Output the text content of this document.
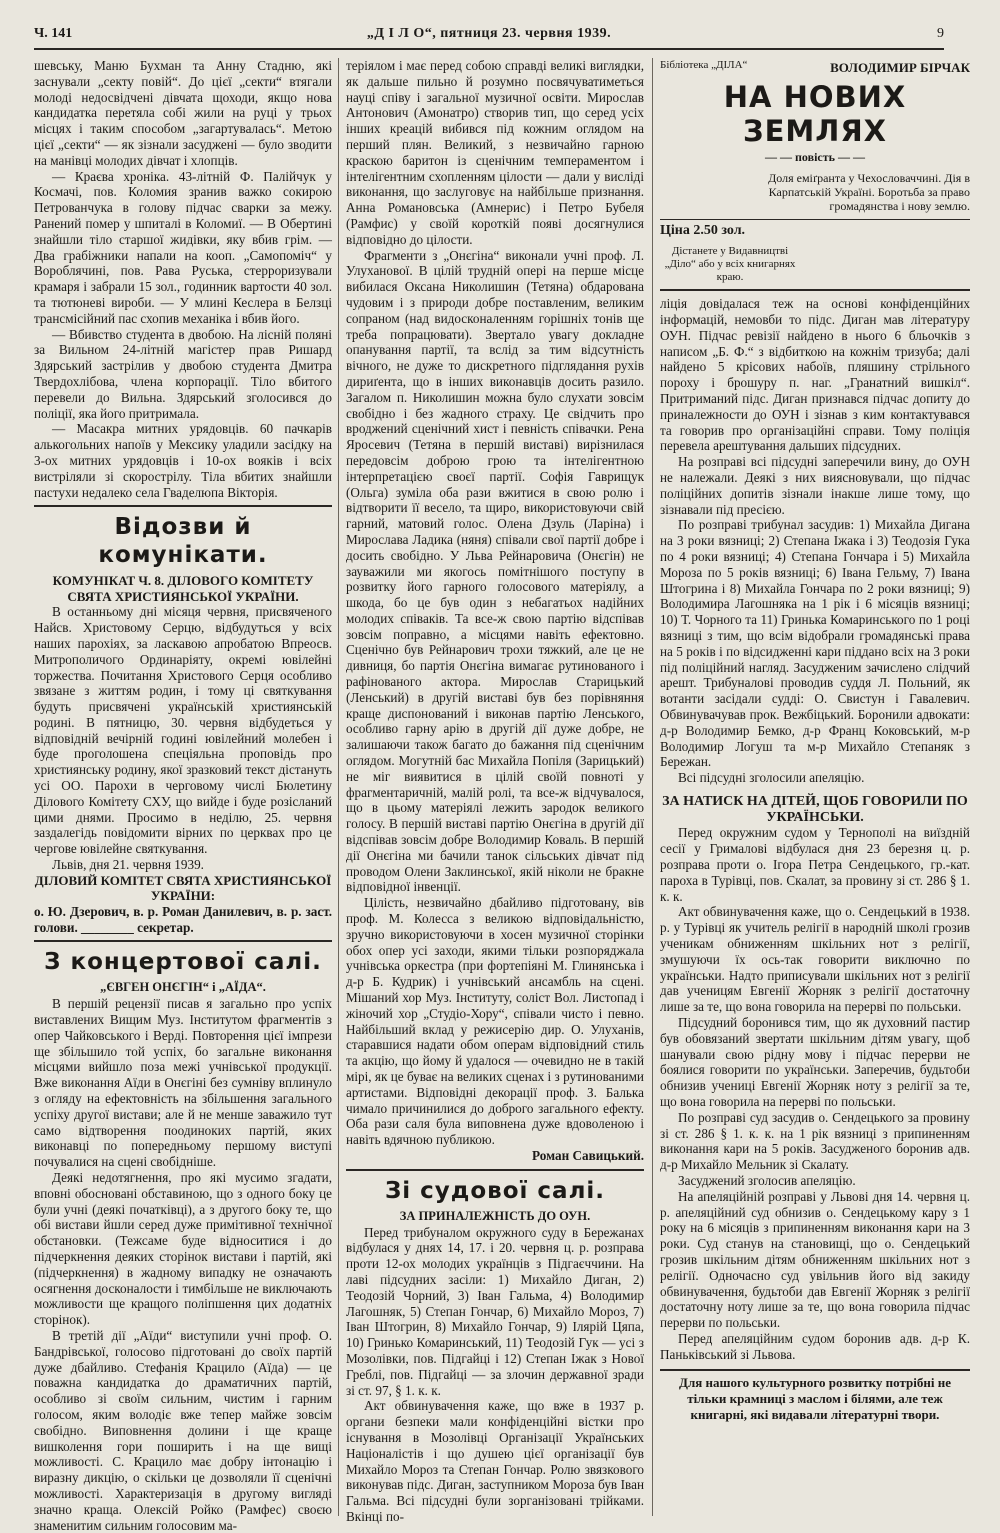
„Д І Л О“, пятниця 23. червня 1939.
Ч. 141	9

шевську, Маню Бухман та Анну Стадню, які заснували „секту повій“. До цієї „секти“ втягали молоді недосвідчені дівчата щоходи, якщо нова кандидатка перетяла собі жили на руці у трьох місцях і таким способом „загартувалась“. Метою цієї „секти“ — як зізнали засуджені — було зводити на манівці молодих дівчат і хлопців.

— Краєва хроніка. 43-літній Ф. Палійчук у Космачі, пов. Коломия зранив важко сокирою Петрованчука в голову підчас сварки за межу. Ранений помер у шпиталі в Коломиї. — В Обертині знайшли тіло старшої жидівки, яку вбив грім. — Два грабіжники напали на кооп. „Самопоміч“ у Вороблячині, пов. Рава Руська, стерроризували крамаря і забрали 15 зол., годинник вартости 40 зол. та тютюневі вироби. — У млині Кеслера в Белзці трансмісійний пас схопив механіка і вбив його.

— Вбивство студента в двобою. На лісній поляні за Вильном 24-літній магістер прав Ришард Здярський застрілив у двобою студента Дмитра Твердохлібова, члена корпорації. Тіло вбитого перевели до Вильна. Здярський зголосився до поліції, яка його притримала.

— Масакра митних урядовців. 60 пачкарів алькогольних напоїв у Мексику уладили засідку на 3-ох митних урядовців і 10-ох вояків і всіх вистріляли зі скорострілу. Тіла вбитих знайшли пастухи недалеко села Гваделюпа Вікторія.

Відозви й комунікати.

КОМУНІКАТ Ч. 8. ДІЛОВОГО КОМІТЕТУ СВЯТА ХРИСТИЯНСЬКОЇ УКРАЇНИ.

В останньому дні місяця червня, присвяченого Найсв. Христовому Серцю, відбудуться у всіх наших парохіях, за ласкавою апробатою Впреосв. Митрополичого Ординаріяту, окремі ювілейні торжества. Почитання Христового Серця особливо звязане з життям родин, і тому ці святкування будуть присвячені українській християнській родині. В пятницю, 30. червня відбудеться у відповідній вечірній годині ювілейний молебен і буде проголошена спеціяльна проповідь про християнську родину, якої зразковий текст дістануть усі ОО. Пароxи в черговому числі Бюлетину Ділового Комітету СХУ, що вийде і буде розісланий цими днями. Просимо в неділю, 25. червня заздалегідь повідомити вірних по церквах про це чергове ювілейне святкування.

Львів, дня 21. червня 1939.

ДІЛОВИЙ КОМІТЕТ СВЯТА ХРИСТИЯНСЬКОЇ УКРАЇНИ:

о. Ю. Дзерович, в. р. Роман Данилевич, в. р. заст. голови. ________ секретар.

З концертової салі.

„ЄВГЕН ОНЄГІН“ і „АЇДА“.

В першій рецензії писав я загально про успіх виставлених Вищим Муз. Інститутом фрагментів з опер Чайковського і Верді. Повторення цієї імпрези ще збільшило той успіх, бо загальне виконання місцями вийшло поза межі учнівської продукції. Вже виконання Аїди в Онєгіні без сумніву вплинуло з огляду на ефектовність на збільшення загального успіху другої вистави; але й не менше заважило тут само відтворення поодиноких партій, яких виконавці по попередньому першому виступі почувалися на сцені свобідніше.

Деякі недотягнення, про які мусимо згадати, вповні обосновані обставиною, що з одного боку це були учні (деякі початківці), а з другого боку те, що обі вистави йшли серед дуже примітивної технічної обстановки. (Тежсаме буде відноситися і до підчеркнення деяких сторінок вистави і партій, які (підчеркнення) в жадному випадку не означають осягнення досконалости і тимбільше не виключають можливости ще кращого поліпшення цих додатніх сторінок).

В третій дії „Аїди“ виступили учні проф. О. Бандрівської, голосово підготовані до своїх партій дуже дбайливо. Стефанія Крацило (Аїда) — це поважна кандидатка до драматичних партій, особливо зі своїм сильним, чистим і гарним голосом, яким володіє вже тепер майже зовсім свобідно. Виповнення долини і ще краще вишколення гори поширить і на ще вищі можливості. С. Крацило має добру інтонацію і виразну дикцію, о скільки це дозволяли її сценічні можливості. Характеризація в другому вигляді значно краща. Олексій Ройко (Рамфес) своєю знаменитим сильним голосовим ма-

теріялом і має перед собою справді великі виглядки, як дальше пильно й розумно посвячуватиметься науці співу і загальної музичної освіти. Мирослав Антонович (Амонатро) створив тип, що серед усіх інших креацій вибився під кожним оглядом на перший плян. Великий, з незвичайно гарною краскою баритон із сценічним темпераментом і інтелігентним схопленням цілости — дали у висліді виконання, що заслуговує на найбільше признання. Анна Романовська (Амнерис) і Петро Бубеля (Рамфис) у своїй короткій появі досягнулися відповідно до цілости.

Фрагменти з „Онєгіна“ виконали учні проф. Л. Улуханової. В цілій трудній опері на перше місце вибилася Оксана Николишин (Тетяна) обдарована чудовим і з природи добре поставленим, великим сопраном (над видосконаленням горішніх тонів ще треба попрацювати). Звертало увагу докладне опанування партії, та вслід за тим відсутність вічного, не дуже то дискретного підглядання рухів дириґента, що в інших виконавців досить разило. Загалом п. Николишин можна було слухати зовсім свобідно і без жадного страху. Це свідчить про вроджений сценічний хист і певність співачки. Рена Яросевич (Тетяна в першій виставі) вирізнилася передовсім доброю грою та інтелігентною інтерпретацією своєї партії. Софія Гаврищук (Ольга) зуміла оба рази вжитися в свою ролю і відтворити її весело, та щиро, використовуючи свій гарний, матовий голос. Олена Дзуль (Ларіна) і Мирослава Ладика (няня) співали свої партії добре і досить свобідно. У Льва Рейнаровича (Онєгін) не зауважили ми якогось помітнішого поступу в розвитку його гарного голосового матеріялу, а шкода, бо це був один з небагатьох надійних молодих співаків. Та все-ж свою партію відспівав зовсім поправно, а місцями навіть ефектовно. Сценічно був Рейнарович трохи тяжкий, але це не дивниця, бо партія Онєгіна вимагає рутинованого і рафінованого актора. Мирослав Старицький (Ленський) в другій виставі був без порівняння краще диспонований і виконав партію Ленського, особливо гарну арію в другій дії дуже добре, не залишаючи також багато до бажання під сценічним оглядом. Могутній бас Михайла Попіля (Зарицький) не міг виявитися в цілій своїй повноті у фрагментаричній, малій ролі, та все-ж відчувалося, що в цьому матеріялі лежить зародок великого голосу. В першій виставі партію Онєгіна в другій дії відспівав зовсім добре Володимир Коваль. В першій дії Онєгіна ми бачили танок сільських дівчат під проводом Олени Заклинської, якій ніколи не бракне відповідної інвенції.

Цілість, незвичайно дбайливо підготовану, вів проф. М. Колесса з великою відповідальністю, зручно використовуючи в хосен музичної сторінки обох опер усі заходи, якими тільки розпоряджала учнівська оркестра (при фортепіяні М. Глинянська і д-р Б. Кудрик) і учнівський ансамбль на сцені. Мішаний хор Муз. Інституту, соліст Вол. Листопад і жіночий хор „Студіо-Хору“, співали чисто і певно. Найбільший вклад у режисерію дир. О. Улуханів, старавшися надати обом операм відповідний стиль та акцію, що йому й удалося — очевидно не в такій мірі, як це буває на великих сценах і з рутинованими артистами. Відповідні декорації проф. З. Балька чимало причинилися до доброго загального ефекту. Оба рази саля була виповнена дуже вдоволеною і навіть вдячною публикою.

Роман Савицький.

Зі судової салі.

ЗА ПРИНАЛЕЖНІСТЬ ДО ОУН.

Перед трибуналом окружного суду в Бережанах відбулася у днях 14, 17. і 20. червня ц. р. розправа проти 12-ох молодих українців з Підгаєччини. На лаві підсудних засіли: 1) Михайло Диган, 2) Теодозій Чорний, 3) Іван Гальма, 4) Володимир Лагошняк, 5) Степан Гончар, 6) Михайло Мороз, 7) Іван Штогрин, 8) Михайло Гончар, 9) Ілярій Цяпа, 10) Гринько Комаринський, 11) Теодозій Гук — усі з Мозолівки, пов. Підгайці і 12) Степан Іжак з Нової Греблі, пов. Підгайці — за злочин державної зради зі ст. 97, § 1. к. к.

Акт обвинувачення каже, що вже в 1937 р. органи безпеки мали конфіденційні вістки про існування в Мозолівці Організації Українських Націоналістів і що душею цієї організації був Михайло Мороз та Степан Гончар. Ролю звязкового виконував підс. Диган, заступником Мороза був Іван Гальма. Всі підсудні були зорганізовані трійками. Вкінці по-

Бібліотека „ДІЛА“	ВОЛОДИМИР БІРЧАК

НА НОВИХ ЗЕМЛЯХ

— — повість — —

Доля еміґранта у Чехословаччині. Дія в Карпатській Україні. Боротьба за право громадянства і нову землю.

Ціна 2.50 зол.

Дістанете у Видавництві „Діло“ або у всіх книгарнях краю.

ліція довідалася теж на основі конфіденційних інформацій, немовби то підс. Диган мав літературу ОУН. Підчас ревізії найдено в нього 6 бльочків з написом „Б. Ф.“ з відбиткою на кожнім тризуба; далі найдено 5 крісових набоїв, пляшину стрільного пороху і брошуру п. наг. „Гранатний вишкіл“. Притриманий підс. Диган признався підчас допиту до приналежности до ОУН і зізнав з ким контактувався та говорив про організаційні справи. Тому поліція перевела арештування дальших підсудних.

На розправі всі підсудні заперечили вину, до ОУН не належали. Деякі з них виясновували, що підчас поліційних допитів зізнали інакше лише тому, що зізнавали під пресією.

По розправі трибунал засудив: 1) Михайла Дигана на 3 роки вязниці; 2) Степана Іжака і 3) Теодозія Гука по 4 роки вязниці; 4) Степана Гончара і 5) Михайла Мороза по 5 років вязниці; 6) Івана Гельму, 7) Івана Штогрина і 8) Михайла Гончара по 2 роки вязниці; 9) Володимира Лагошняка на 1 рік і 6 місяців вязниці; 10) Т. Чорного та 11) Гринька Комаринського по 1 році вязниці з тим, що всім відобрали громадянські права на 5 років і по відсидженні кари піддано всіх на 3 роки під поліційний нагляд. Засудженим зачислено слідчий арешт. Трибуналові проводив суддя Л. Польний, як вотанти засідали судді: О. Свистун і Гавалевич. Обвинувачував прок. Вежбіцький. Боронили адвокати: д-р Володимир Бемко, д-р Франц Коковський, м-р Володимир Логуш та м-р Михайло Степаняк з Бережан.

Всі підсудні зголосили апеляцію.

ЗА НАТИСК НА ДІТЕЙ, ЩОБ ГОВОРИЛИ ПО УКРАЇНСЬКИ.

Перед окружним судом у Тернополі на виїздній сесії у Грималові відбулася дня 23 березня ц. р. розправа проти о. Ігора Петра Сендецького, гр.-кат. пароха в Турівці, пов. Скалат, за провину зі ст. 286 § 1. к. к.

Акт обвинувачення каже, що о. Сендецький в 1938. р. у Турівці як учитель релігії в народній школі грозив ученикам обниженням шкільних нот з релігії, змушуючи їх ось-так говорити виключно по українськи. Надто приписували шкільних нот з релігії дав ученицям Евгенії Жорняк з релігії достаточну лише за те, що вона говорила на перерві по польськи.

Підсудний боронився тим, що як духовний пастир був обовязаний звертати шкільним дітям увагу, щоб шанували свою рідну мову і підчас перерви не боялися говорити по українськи. Заперечив, будьтоби обнизив учениці Евгенії Жорняк ноту з релігії за те, що вона говорила на перерві по польськи.

По розправі суд засудив о. Сендецького за провину зі ст. 286 § 1. к. к. на 1 рік вязниці з припиненням виконання кари на 5 років. Засудженого боронив адв. д-р Михайло Мельник зі Скалату.

Засуджений зголосив апеляцію.

На апеляційній розправі у Львові дня 14. червня ц. р. апеляційний суд обнизив о. Сендецькому кару з 1 року на 6 місяців з припиненням виконання кари на 3 роки. Суд станув на становищі, що о. Сендецький грозив шкільним дітям обниженням шкільних нот з релігії. Одночасно суд увільнив його від закиду обвинувачення, будьтоби дав Евгенії Жорняк з релігії достаточну ноту лише за те, що вона говорила підчас перерви по польськи.

Перед апеляційним судом боронив адв. д-р К. Паньківський зі Львова.

Для нашого культурного розвитку потрібні не тільки крамниці з маслом і білями, але теж книгарні, які видавали літературні твори.
